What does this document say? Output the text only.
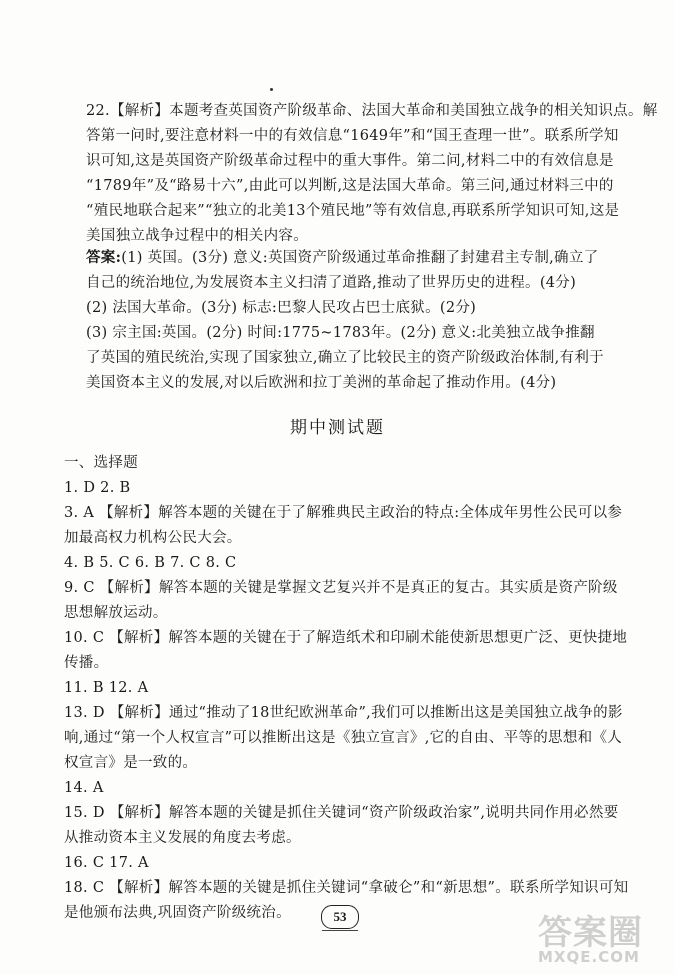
22.【解析】本题考查英国资产阶级革命、法国大革命和美国独立战争的相关知识点。解
答第一问时,要注意材料一中的有效信息“1649年”和“国王查理一世”。联系所学知
识可知,这是英国资产阶级革命过程中的重大事件。第二问,材料二中的有效信息是
“1789年”及“路易十六”,由此可以判断,这是法国大革命。第三问,通过材料三中的
“殖民地联合起来”“独立的北美13个殖民地”等有效信息,再联系所学知识可知,这是
美国独立战争过程中的相关内容。
答案:(1) 英国。(3分) 意义:英国资产阶级通过革命推翻了封建君主专制,确立了
自己的统治地位,为发展资本主义扫清了道路,推动了世界历史的进程。(4分)
(2) 法国大革命。(3分) 标志:巴黎人民攻占巴士底狱。(2分)
(3) 宗主国:英国。(2分) 时间:1775~1783年。(2分) 意义:北美独立战争推翻
了英国的殖民统治,实现了国家独立,确立了比较民主的资产阶级政治体制,有利于
美国资本主义的发展,对以后欧洲和拉丁美洲的革命起了推动作用。(4分)
期中测试题
一、选择题
1. D 2. B
3. A 【解析】解答本题的关键在于了解雅典民主政治的特点:全体成年男性公民可以参
加最高权力机构公民大会。
4. B 5. C 6. B 7. C 8. C
9. C 【解析】解答本题的关键是掌握文艺复兴并不是真正的复古。其实质是资产阶级
思想解放运动。
10. C 【解析】解答本题的关键在于了解造纸术和印刷术能使新思想更广泛、更快捷地
传播。
11. B 12. A
13. D 【解析】通过“推动了18世纪欧洲革命”,我们可以推断出这是美国独立战争的影
响,通过“第一个人权宣言”可以推断出这是《独立宣言》,它的自由、平等的思想和《人
权宣言》是一致的。
14. A
15. D 【解析】解答本题的关键是抓住关键词“资产阶级政治家”,说明共同作用必然要
从推动资本主义发展的角度去考虑。
16. C 17. A
18. C 【解析】解答本题的关键是抓住关键词“拿破仑”和“新思想”。联系所学知识可知
是他颁布法典,巩固资产阶级统治。	53	答案圈
MXQE.COM
